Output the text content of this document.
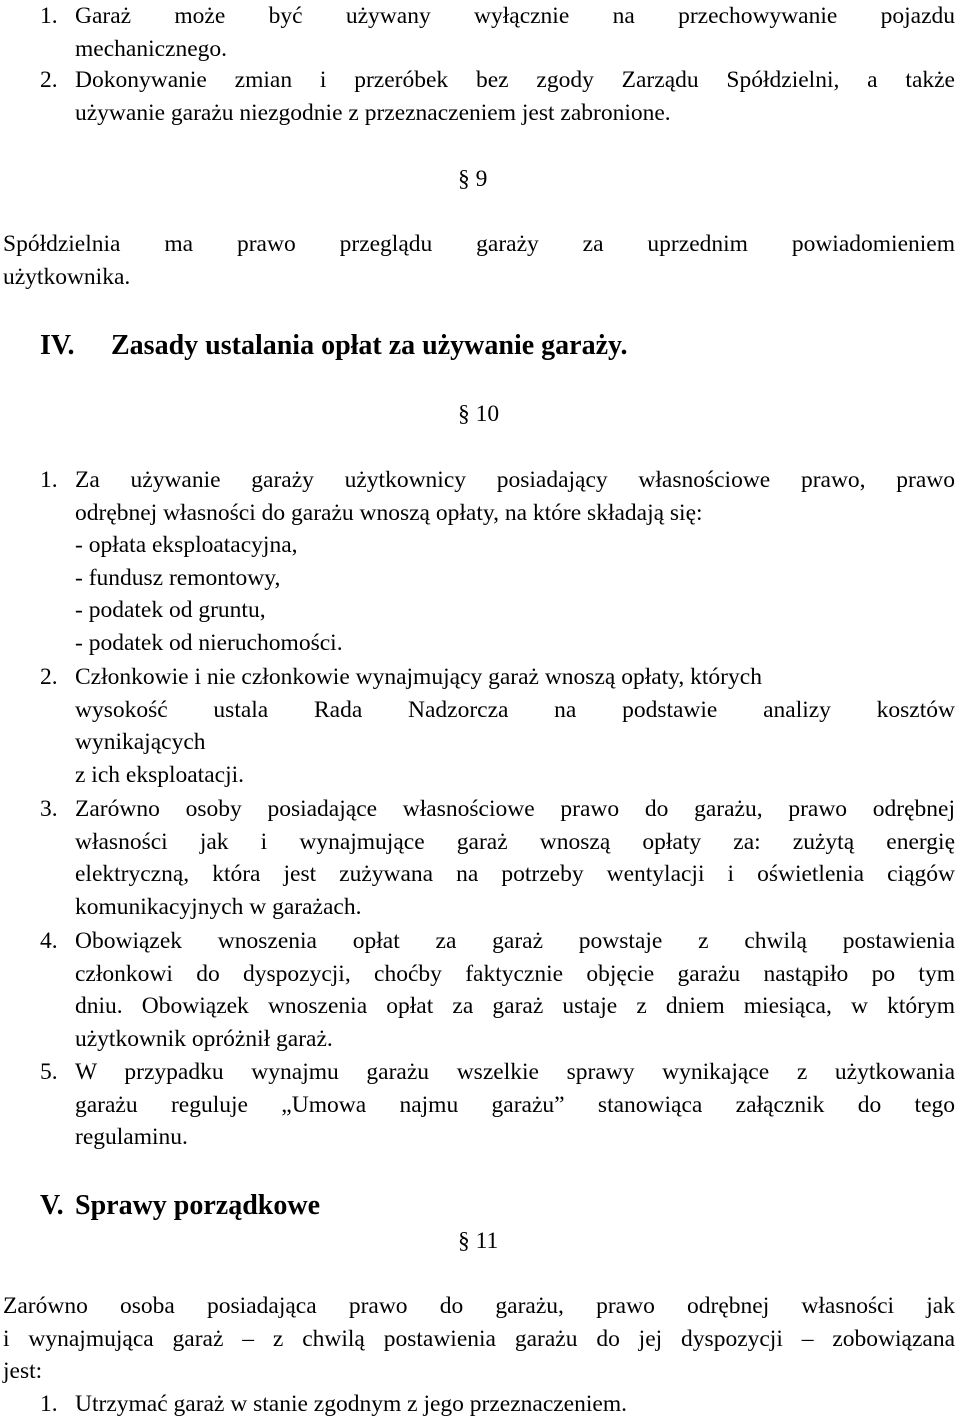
1. Garaż może być używany wyłącznie na przechowywanie pojazdu
mechanicznego.
2. Dokonywanie zmian i przeróbek bez zgody Zarządu Spółdzielni, a także
używanie garażu niezgodnie z przeznaczeniem jest zabronione.
§ 9
Spółdzielnia ma prawo przeglądu garaży za uprzednim powiadomieniem
użytkownika.
IV. Zasady ustalania opłat za używanie garaży.
§ 10
1. Za używanie garaży użytkownicy posiadający własnościowe prawo, prawo
odrębnej własności do garażu wnoszą opłaty, na które składają się:
- opłata eksploatacyjna,
- fundusz remontowy,
- podatek od gruntu,
- podatek od nieruchomości.
2. Członkowie i nie członkowie wynajmujący garaż wnoszą opłaty, których
wysokość ustala Rada Nadzorcza na podstawie analizy kosztów
wynikających
z ich eksploatacji.
3. Zarówno osoby posiadające własnościowe prawo do garażu, prawo odrębnej
własności jak i wynajmujące garaż wnoszą opłaty za: zużytą energię
elektryczną, która jest zużywana na potrzeby wentylacji i oświetlenia ciągów
komunikacyjnych w garażach.
4. Obowiązek wnoszenia opłat za garaż powstaje z chwilą postawienia
członkowi do dyspozycji, choćby faktycznie objęcie garażu nastąpiło po tym
dniu. Obowiązek wnoszenia opłat za garaż ustaje z dniem miesiąca, w którym
użytkownik opróżnił garaż.
5. W przypadku wynajmu garażu wszelkie sprawy wynikające z użytkowania
garażu reguluje „Umowa najmu garażu” stanowiąca załącznik do tego
regulaminu.
V. Sprawy porządkowe
§ 11
Zarówno osoba posiadająca prawo do garażu, prawo odrębnej własności jak
i wynajmująca garaż – z chwilą postawienia garażu do jej dyspozycji – zobowiązana
jest:
1. Utrzymać garaż w stanie zgodnym z jego przeznaczeniem.
